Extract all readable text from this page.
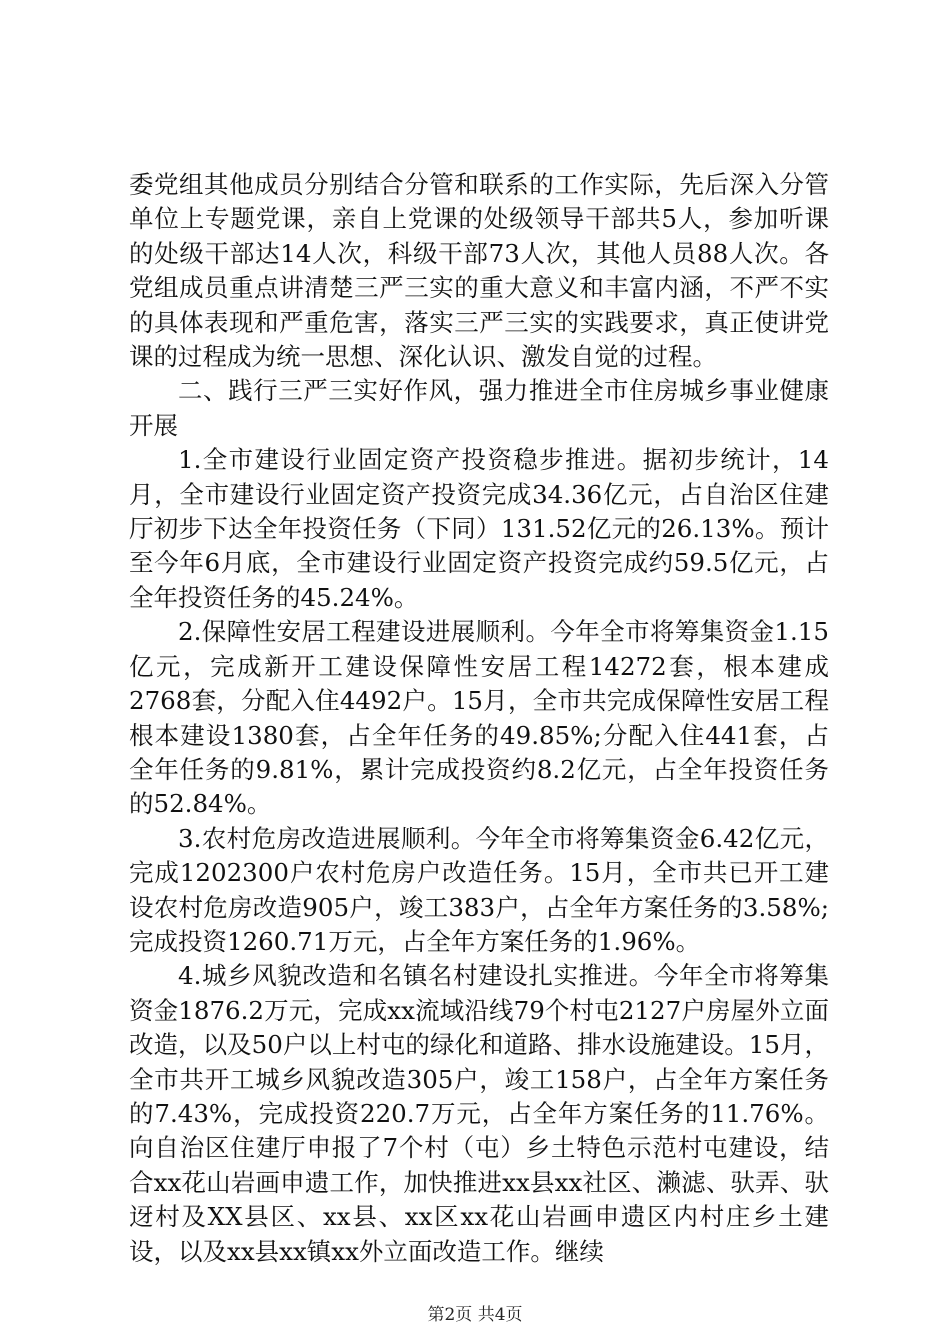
委党组其他成员分别结合分管和联系的工作实际，先后深入分管单位上专题党课，亲自上党课的处级领导干部共5人，参加听课的处级干部达14人次，科级干部73人次，其他人员88人次。各党组成员重点讲清楚三严三实的重大意义和丰富内涵，不严不实的具体表现和严重危害，落实三严三实的实践要求，真正使讲党课的过程成为统一思想、深化认识、激发自觉的过程。

二、践行三严三实好作风，强力推进全市住房城乡事业健康开展

1.全市建设行业固定资产投资稳步推进。据初步统计，14月，全市建设行业固定资产投资完成34.36亿元，占自治区住建厅初步下达全年投资任务（下同）131.52亿元的26.13%。预计至今年6月底，全市建设行业固定资产投资完成约59.5亿元，占全年投资任务的45.24%。

2.保障性安居工程建设进展顺利。今年全市将筹集资金1.15亿元，完成新开工建设保障性安居工程14272套，根本建成2768套，分配入住4492户。15月，全市共完成保障性安居工程根本建设1380套，占全年任务的49.85%;分配入住441套，占全年任务的9.81%，累计完成投资约8.2亿元，占全年投资任务的52.84%。

3.农村危房改造进展顺利。今年全市将筹集资金6.42亿元，完成1202300户农村危房户改造任务。15月，全市共已开工建设农村危房改造905户，竣工383户，占全年方案任务的3.58%;完成投资1260.71万元，占全年方案任务的1.96%。

4.城乡风貌改造和名镇名村建设扎实推进。今年全市将筹集资金1876.2万元，完成xx流域沿线79个村屯2127户房屋外立面改造，以及50户以上村屯的绿化和道路、排水设施建设。15月，全市共开工城乡风貌改造305户，竣工158户，占全年方案任务的7.43%，完成投资220.7万元，占全年方案任务的11.76%。向自治区住建厅申报了7个村（屯）乡土特色示范村屯建设，结合xx花山岩画申遗工作，加快推进xx县xx社区、濑滤、驮弄、驮迓村及XX县区、xx县、xx区xx花山岩画申遗区内村庄乡土建设，以及xx县xx镇xx外立面改造工作。继续

第2页 共4页
